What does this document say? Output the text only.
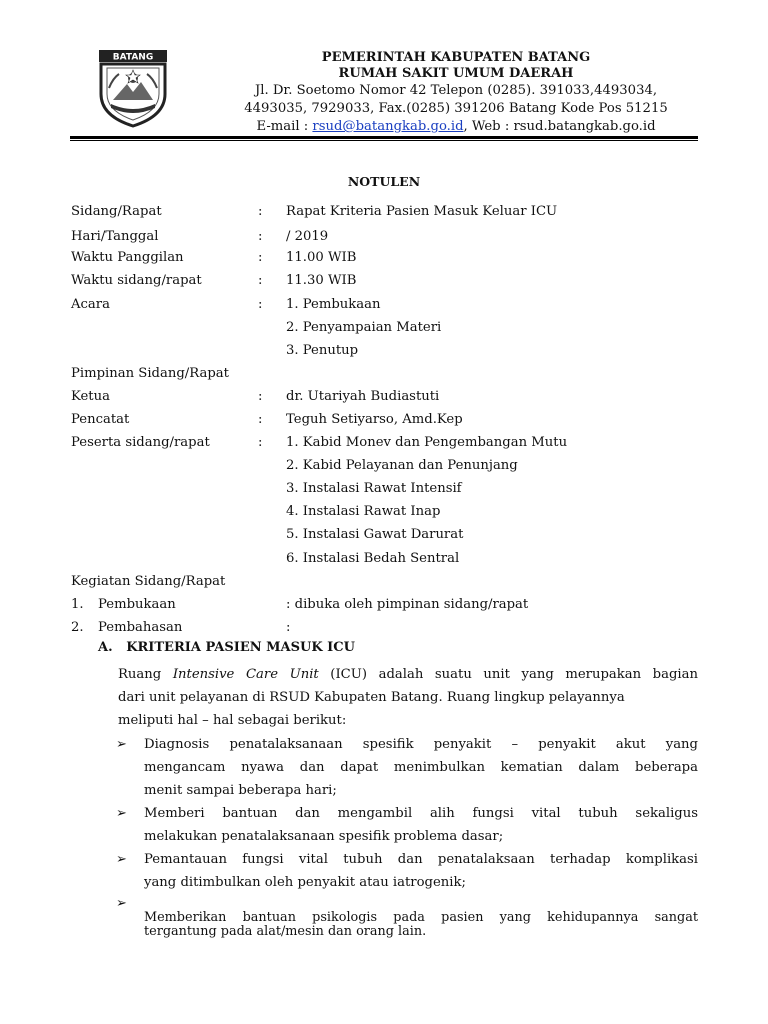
BATANG	PEMERINTAH KABUPATEN BATANG
RUMAH SAKIT UMUM DAERAH
Jl. Dr. Soetomo Nomor 42 Telepon (0285). 391033,4493034,
4493035, 7929033, Fax.(0285) 391206 Batang Kode Pos 51215
E-mail : rsud@batangkab.go.id, Web : rsud.batangkab.go.id
NOTULEN
Sidang/Rapat	: Rapat Kriteria Pasien Masuk Keluar ICU
Hari/Tanggal	: / 2019
Waktu Panggilan	: 11.00 WIB
Waktu sidang/rapat	: 11.30 WIB
Acara	: 1. Pembukaan
2. Penyampaian Materi
3. Penutup
Pimpinan Sidang/Rapat
Ketua	: dr. Utariyah Budiastuti
Pencatat	: Teguh Setiyarso, Amd.Kep
Peserta sidang/rapat	: 1. Kabid Monev dan Pengembangan Mutu
2. Kabid Pelayanan dan Penunjang
3. Instalasi Rawat Intensif
4. Instalasi Rawat Inap
5. Instalasi Gawat Darurat
6. Instalasi Bedah Sentral
Kegiatan Sidang/Rapat
1. Pembukaan	: dibuka oleh pimpinan sidang/rapat
2. Pembahasan	:
A.   KRITERIA PASIEN MASUK ICU
Ruang Intensive Care Unit (ICU) adalah suatu unit yang merupakan bagian
dari unit pelayanan di RSUD Kabupaten Batang. Ruang lingkup pelayannya
meliputi hal – hal sebagai berikut:
➢ Diagnosis penatalaksanaan spesifik penyakit – penyakit akut yang
mengancam nyawa dan dapat menimbulkan kematian dalam beberapa
menit sampai beberapa hari;
➢ Memberi bantuan dan mengambil alih fungsi vital tubuh sekaligus
melakukan penatalaksanaan spesifik problema dasar;
➢ Pemantauan fungsi vital tubuh dan penatalaksaan terhadap komplikasi
yang ditimbulkan oleh penyakit atau iatrogenik;
➢
Memberikan bantuan psikologis pada pasien yang kehidupannya sangat
tergantung pada alat/mesin dan orang lain.
